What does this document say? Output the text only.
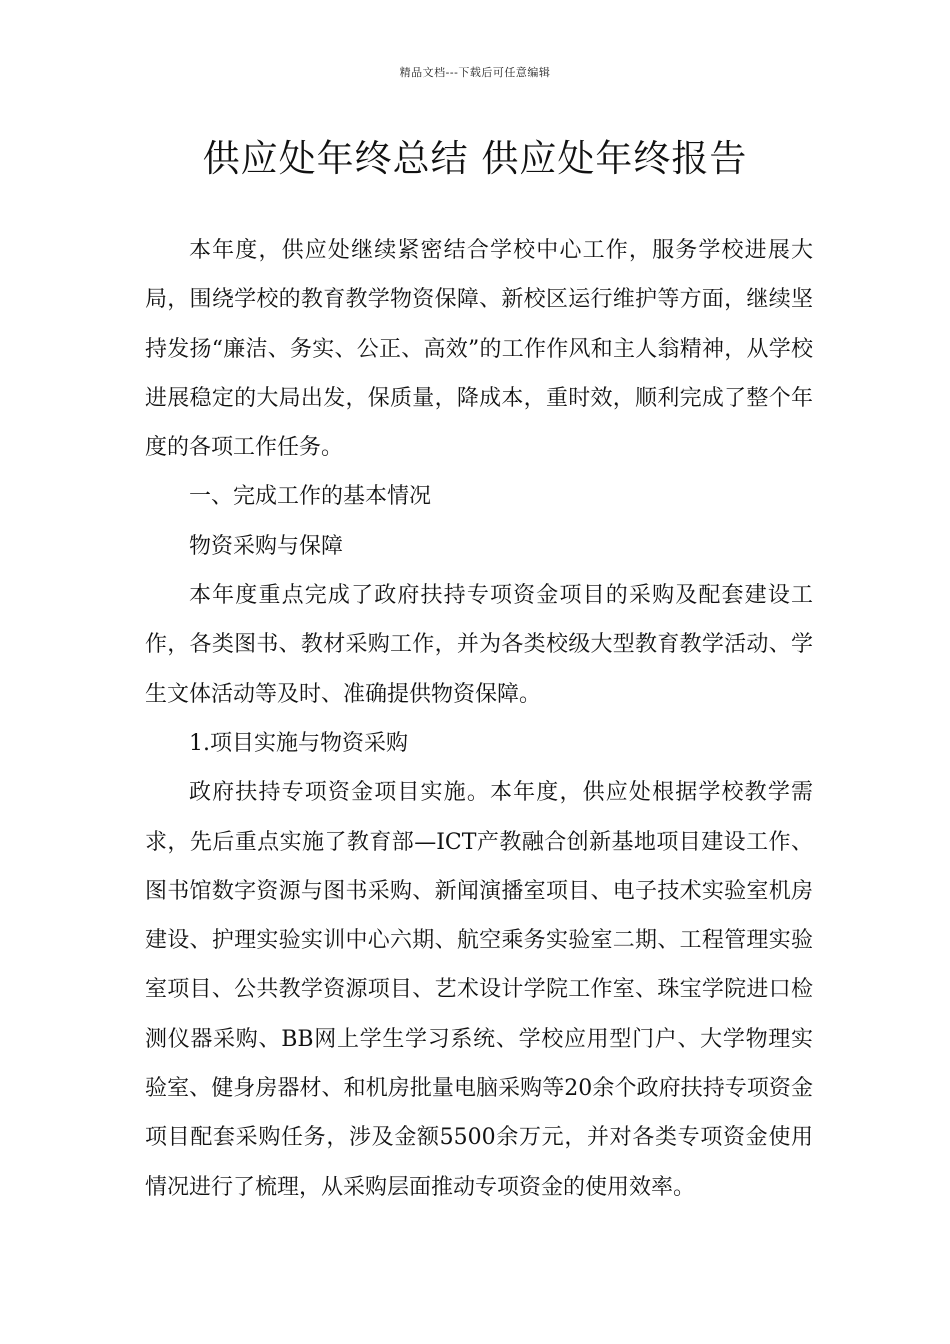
精品文档---下载后可任意编辑
供应处年终总结 供应处年终报告

本年度，供应处继续紧密结合学校中心工作，服务学校进展大局，围绕学校的教育教学物资保障、新校区运行维护等方面，继续坚持发扬“廉洁、务实、公正、高效”的工作作风和主人翁精神，从学校进展稳定的大局出发，保质量，降成本，重时效，顺利完成了整个年度的各项工作任务。

一、完成工作的基本情况

物资采购与保障

本年度重点完成了政府扶持专项资金项目的采购及配套建设工作，各类图书、教材采购工作，并为各类校级大型教育教学活动、学生文体活动等及时、准确提供物资保障。

1.项目实施与物资采购

政府扶持专项资金项目实施。本年度，供应处根据学校教学需求，先后重点实施了教育部—ICT产教融合创新基地项目建设工作、图书馆数字资源与图书采购、新闻演播室项目、电子技术实验室机房建设、护理实验实训中心六期、航空乘务实验室二期、工程管理实验室项目、公共教学资源项目、艺术设计学院工作室、珠宝学院进口检测仪器采购、BB网上学生学习系统、学校应用型门户、大学物理实验室、健身房器材、和机房批量电脑采购等20余个政府扶持专项资金项目配套采购任务，涉及金额5500余万元，并对各类专项资金使用情况进行了梳理，从采购层面推动专项资金的使用效率。
